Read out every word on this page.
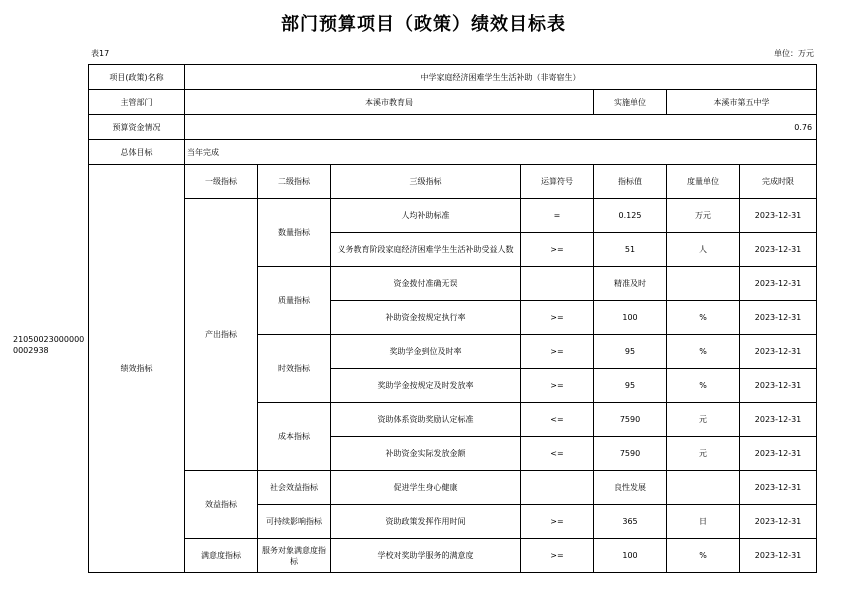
部门预算项目（政策）绩效目标表
表17	单位：万元
210500230000000002938
项目(政策)名称	中学家庭经济困难学生生活补助（非寄宿生）						
主管部门	本溪市教育局				实施单位	本溪市第五中学	
预算资金情况	0.76						
总体目标	当年完成						
绩效指标	一级指标	二级指标	三级指标	运算符号	指标值	度量单位	完成时限
	产出指标	数量指标	人均补助标准	=	0.125	万元	2023-12-31
			义务教育阶段家庭经济困难学生生活补助受益人数	>=	51	人	2023-12-31
		质量指标	资金拨付准确无误		精准及时		2023-12-31
			补助资金按规定执行率	>=	100	%	2023-12-31
		时效指标	奖助学金到位及时率	>=	95	%	2023-12-31
			奖助学金按规定及时发放率	>=	95	%	2023-12-31
		成本指标	资助体系资助奖励认定标准	<=	7590	元	2023-12-31
			补助资金实际发放金额	<=	7590	元	2023-12-31
	效益指标	社会效益指标	促进学生身心健康		良性发展		2023-12-31
		可持续影响指标	资助政策发挥作用时间	>=	365	日	2023-12-31
	满意度指标	服务对象满意度指标	学校对奖助学服务的满意度	>=	100	%	2023-12-31
